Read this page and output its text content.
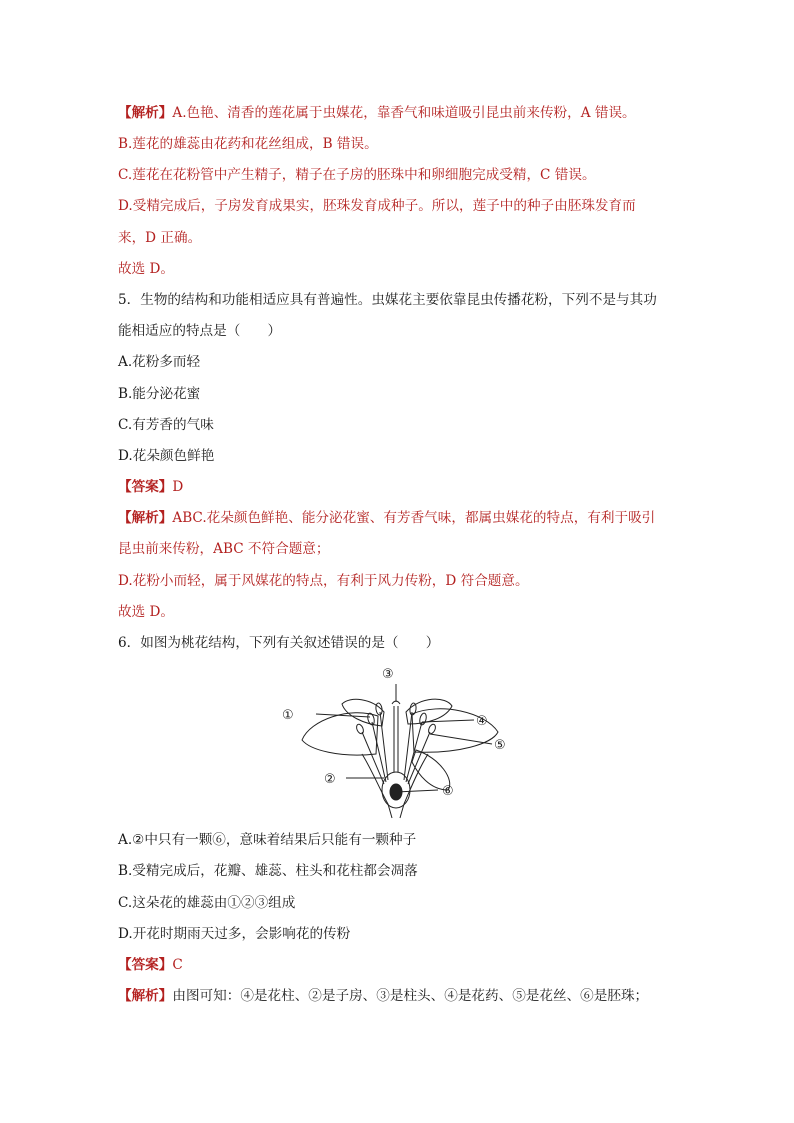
【解析】A.色艳、清香的莲花属于虫媒花，靠香气和味道吸引昆虫前来传粉，A 错误。
B.莲花的雄蕊由花药和花丝组成，B 错误。
C.莲花在花粉管中产生精子，精子在子房的胚珠中和卵细胞完成受精，C 错误。
D.受精完成后，子房发育成果实，胚珠发育成种子。所以，莲子中的种子由胚珠发育而
来，D 正确。
故选 D。
5．生物的结构和功能相适应具有普遍性。虫媒花主要依靠昆虫传播花粉，下列不是与其功
能相适应的特点是（　　）
A.花粉多而轻
B.能分泌花蜜
C.有芳香的气味
D.花朵颜色鲜艳
【答案】D
【解析】ABC.花朵颜色鲜艳、能分泌花蜜、有芳香气味，都属虫媒花的特点，有利于吸引
昆虫前来传粉，ABC 不符合题意；
D.花粉小而轻，属于风媒花的特点，有利于风力传粉，D 符合题意。
故选 D。
6．如图为桃花结构，下列有关叙述错误的是（　　）
①
③
④
⑤
②
⑥
A.②中只有一颗⑥，意味着结果后只能有一颗种子
B.受精完成后，花瓣、雄蕊、柱头和花柱都会凋落
C.这朵花的雄蕊由①②③组成
D.开花时期雨天过多，会影响花的传粉
【答案】C
【解析】由图可知：④是花柱、②是子房、③是柱头、④是花药、⑤是花丝、⑥是胚珠；
